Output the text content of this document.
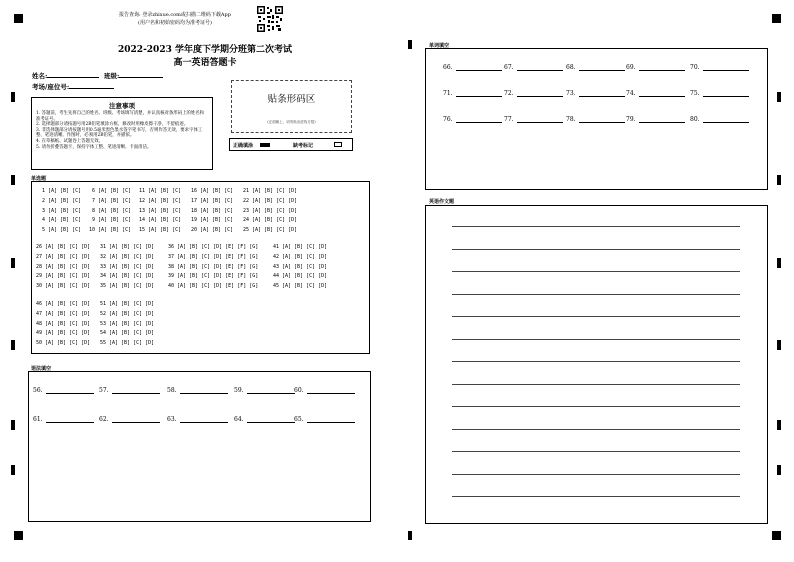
报告查询: 登录zhixue.com或扫描二维码下载App
(用户名和初始密码均为准考证号)
2022-2023 学年度下学期分班第二次考试
高一英语答题卡
姓名:	班级:
考场/座位号:
注意事项
1. 答题前，考生先将自己的姓名、班级、考场填写清楚，并认真核对条形码上的姓名和准考证号。
2. 选择题部分请按题号用2B铅笔填涂方框，修改时用橡皮擦干净，不留痕迹。
3. 非选择题部分请按题号用0.5毫米黑色墨水签字笔书写，否则作答无效，要求字体工整、笔迹清晰。作图时，必须用2B铅笔，并描浓。
4. 在草稿纸、试题卷上答题无效。
5. 请勿折叠答题卡，保持字体工整、笔迹清晰、卡面清洁。
贴条形码区
(正面朝上，切勿贴出虚线方框)
正确填涂	缺考标记
单选题
1 [A] [B] [C]
2 [A] [B] [C]
3 [A] [B] [C]
4 [A] [B] [C]
5 [A] [B] [C]
6 [A] [B] [C]
7 [A] [B] [C]
8 [A] [B] [C]
9 [A] [B] [C]
10 [A] [B] [C]
11 [A] [B] [C]
12 [A] [B] [C]
13 [A] [B] [C]
14 [A] [B] [C]
15 [A] [B] [C]
16 [A] [B] [C]
17 [A] [B] [C]
18 [A] [B] [C]
19 [A] [B] [C]
20 [A] [B] [C]
21 [A] [B] [C] [D]
22 [A] [B] [C] [D]
23 [A] [B] [C] [D]
24 [A] [B] [C] [D]
25 [A] [B] [C] [D]
26 [A] [B] [C] [D]
27 [A] [B] [C] [D]
28 [A] [B] [C] [D]
29 [A] [B] [C] [D]
30 [A] [B] [C] [D]
31 [A] [B] [C] [D]
32 [A] [B] [C] [D]
33 [A] [B] [C] [D]
34 [A] [B] [C] [D]
35 [A] [B] [C] [D]
36 [A] [B] [C] [D] [E] [F] [G]
37 [A] [B] [C] [D] [E] [F] [G]
38 [A] [B] [C] [D] [E] [F] [G]
39 [A] [B] [C] [D] [E] [F] [G]
40 [A] [B] [C] [D] [E] [F] [G]
41 [A] [B] [C] [D]
42 [A] [B] [C] [D]
43 [A] [B] [C] [D]
44 [A] [B] [C] [D]
45 [A] [B] [C] [D]
46 [A] [B] [C] [D]
47 [A] [B] [C] [D]
48 [A] [B] [C] [D]
49 [A] [B] [C] [D]
50 [A] [B] [C] [D]
51 [A] [B] [C] [D]
52 [A] [B] [C] [D]
53 [A] [B] [C] [D]
54 [A] [B] [C] [D]
55 [A] [B] [C] [D]
语法填空
56.	57.	58.	59.	60.
61.	62.	63.	64.	65.
单词填空
66.	67.	68.	69.	70.
71.	72.	73.	74.	75.
76.	77.	78.	79.	80.
英语作文题
